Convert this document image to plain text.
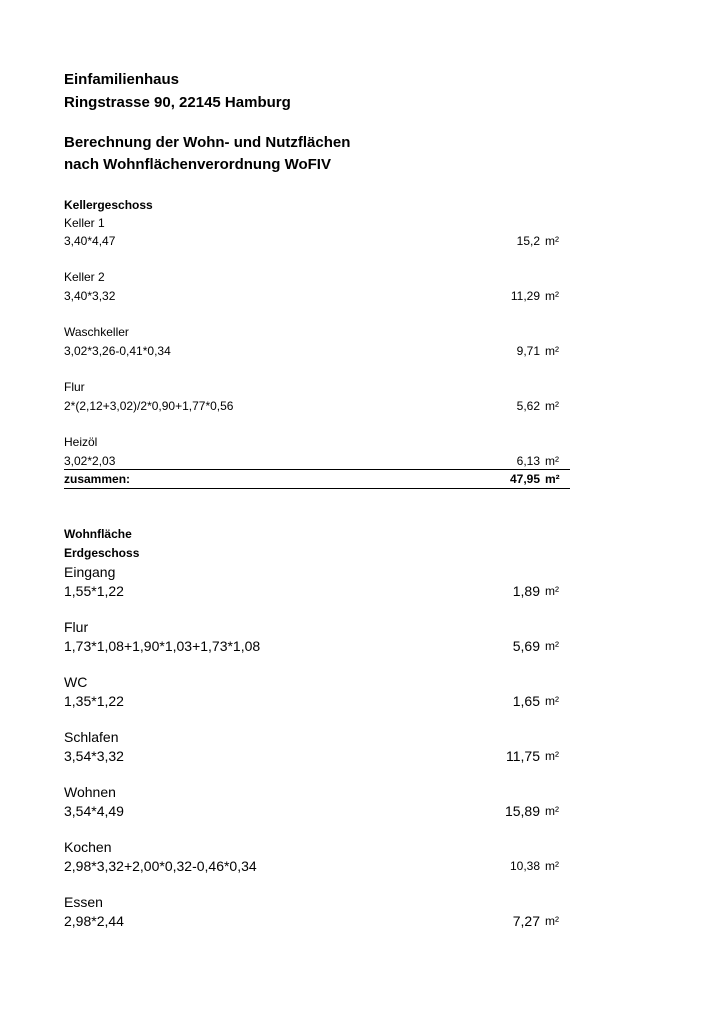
Einfamilienhaus
Ringstrasse 90, 22145 Hamburg
Berechnung der Wohn- und Nutzflächen
nach Wohnflächenverordnung WoFIV
Kellergeschoss
Keller 1
3,40*4,47	15,2 m²
Keller 2
3,40*3,32	11,29 m²
Waschkeller
3,02*3,26-0,41*0,34	9,71 m²
Flur
2*(2,12+3,02)/2*0,90+1,77*0,56	5,62 m²
Heizöl
3,02*2,03	6,13 m²
zusammen:	47,95 m²
Wohnfläche
Erdgeschoss
Eingang
1,55*1,22	1,89 m²
Flur
1,73*1,08+1,90*1,03+1,73*1,08	5,69 m²
WC
1,35*1,22	1,65 m²
Schlafen
3,54*3,32	11,75 m²
Wohnen
3,54*4,49	15,89 m²
Kochen
2,98*3,32+2,00*0,32-0,46*0,34	10,38 m²
Essen
2,98*2,44	7,27 m²
